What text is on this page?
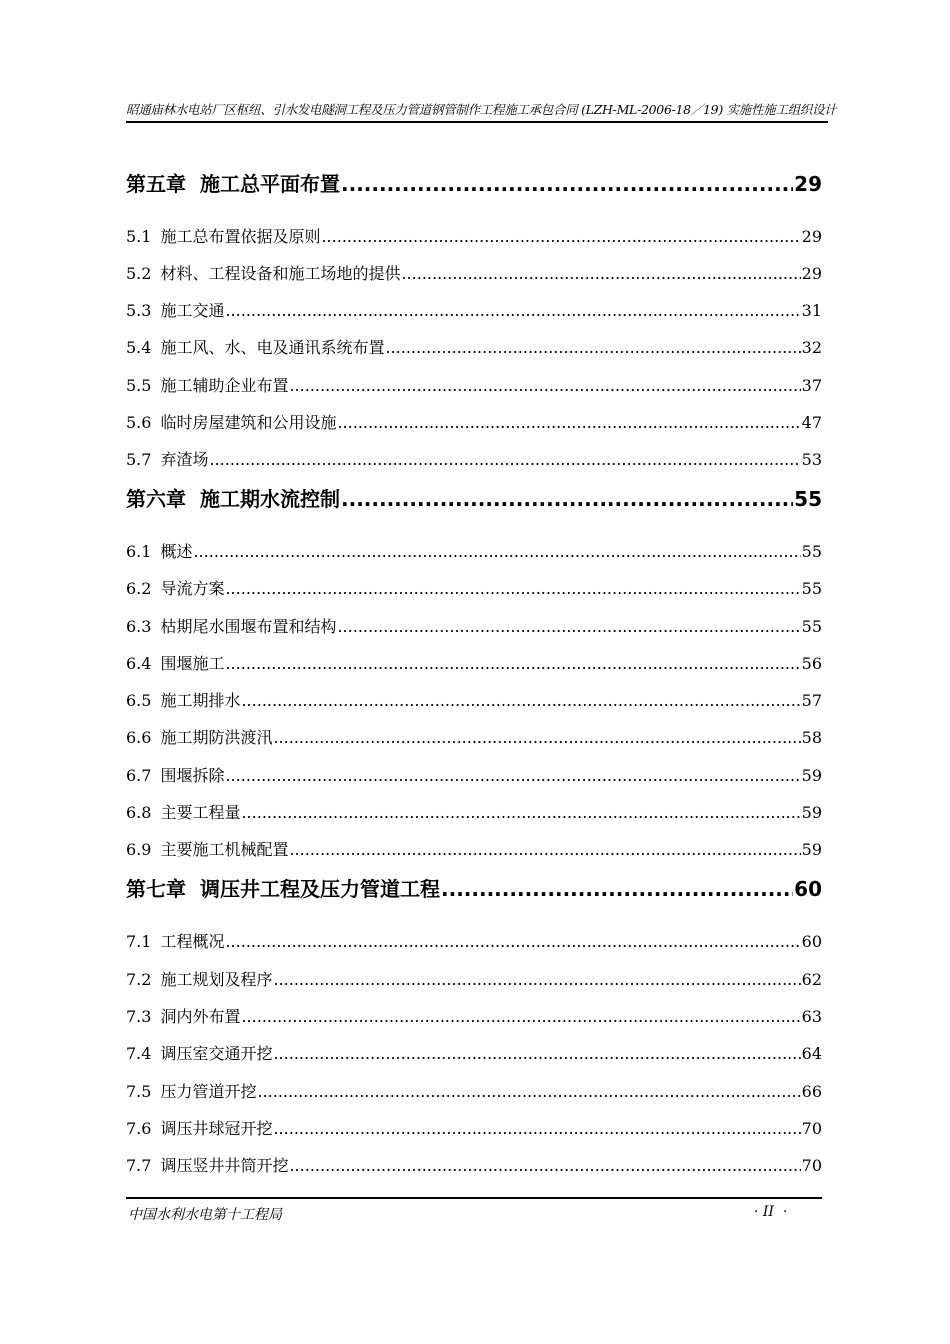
昭通庙林水电站厂区枢纽、引水发电隧洞工程及压力管道钢管制作工程施工承包合同 (LZH-ML-2006-18／19) 实施性施工组织设计
第五章 施工总平面布置 .....	29
5.1 施工总布置依据及原则 .....	29
5.2 材料、工程设备和施工场地的提供 .....	29
5.3 施工交通 .....	31
5.4 施工风、水、电及通讯系统布置 .....	32
5.5 施工辅助企业布置 .....	37
5.6 临时房屋建筑和公用设施 .....	47
5.7 弃渣场 .....	53
第六章 施工期水流控制 .....	55
6.1 概述 .....	55
6.2 导流方案 .....	55
6.3 枯期尾水围堰布置和结构 .....	55
6.4 围堰施工 .....	56
6.5 施工期排水 .....	57
6.6 施工期防洪渡汛 .....	58
6.7 围堰拆除 .....	59
6.8 主要工程量 .....	59
6.9 主要施工机械配置 .....	59
第七章 调压井工程及压力管道工程 .....	60
7.1 工程概况 .....	60
7.2 施工规划及程序 .....	62
7.3 洞内外布置 .....	63
7.4 调压室交通开挖 .....	64
7.5 压力管道开挖 .....	66
7.6 调压井球冠开挖 .....	70
7.7 调压竖井井筒开挖 .....	70
中国水利水电第十工程局	· II  ·
